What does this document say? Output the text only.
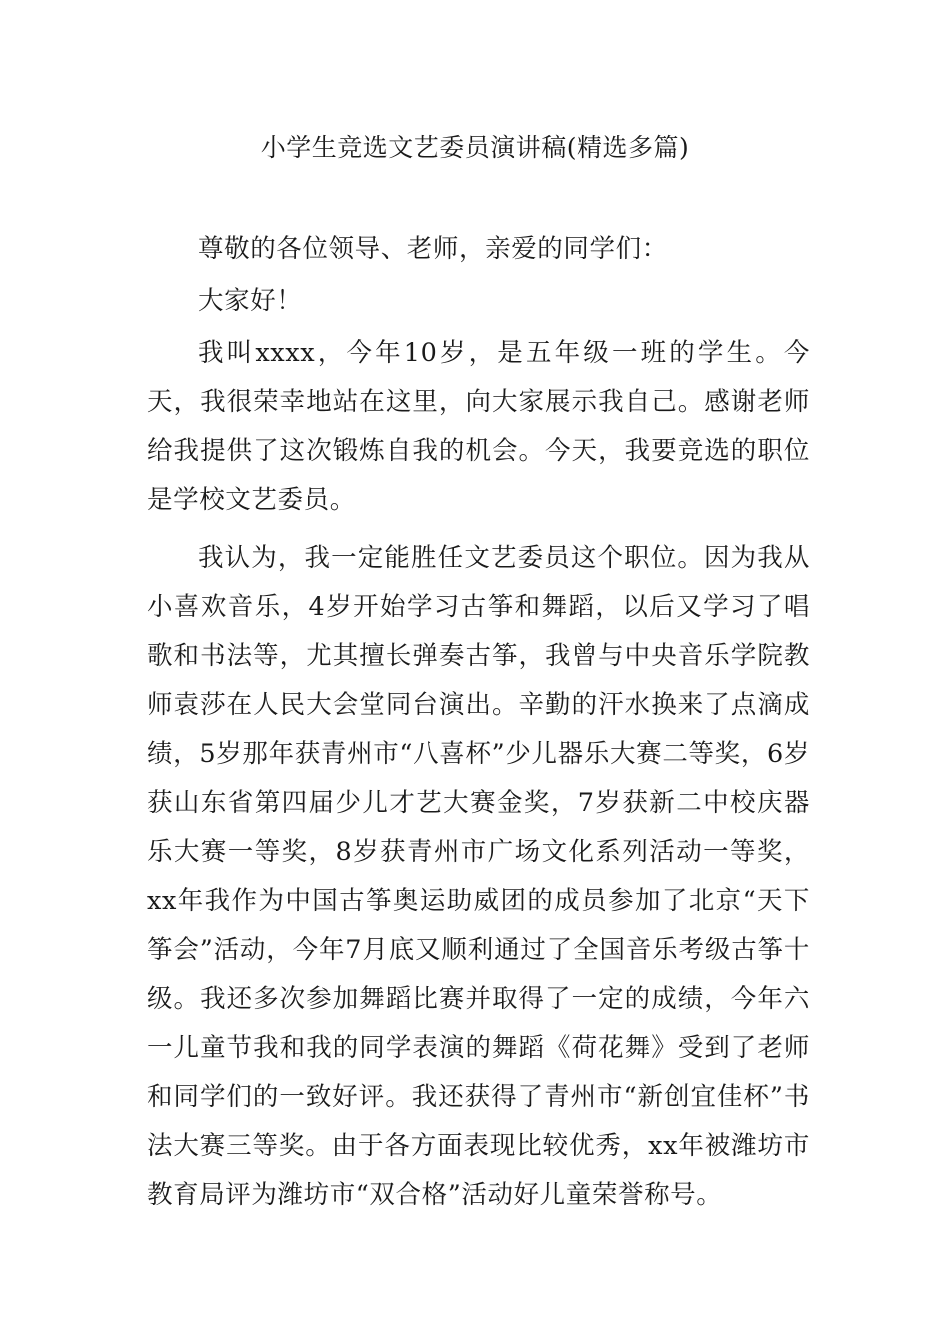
小学生竞选文艺委员演讲稿(精选多篇)

尊敬的各位领导、老师，亲爱的同学们：

大家好！

我叫xxxx，今年10岁，是五年级一班的学生。今天，我很荣幸地站在这里，向大家展示我自己。感谢老师给我提供了这次锻炼自我的机会。今天，我要竞选的职位是学校文艺委员。

我认为，我一定能胜任文艺委员这个职位。因为我从小喜欢音乐，4岁开始学习古筝和舞蹈，以后又学习了唱歌和书法等，尤其擅长弹奏古筝，我曾与中央音乐学院教师袁莎在人民大会堂同台演出。辛勤的汗水换来了点滴成绩，5岁那年获青州市“八喜杯”少儿器乐大赛二等奖，6岁获山东省第四届少儿才艺大赛金奖，7岁获新二中校庆器乐大赛一等奖，8岁获青州市广场文化系列活动一等奖，xx年我作为中国古筝奥运助威团的成员参加了北京“天下筝会”活动，今年7月底又顺利通过了全国音乐考级古筝十级。我还多次参加舞蹈比赛并取得了一定的成绩，今年六一儿童节我和我的同学表演的舞蹈《荷花舞》受到了老师和同学们的一致好评。我还获得了青州市“新创宜佳杯”书法大赛三等奖。由于各方面表现比较优秀，xx年被潍坊市教育局评为潍坊市“双合格”活动好儿童荣誉称号。
